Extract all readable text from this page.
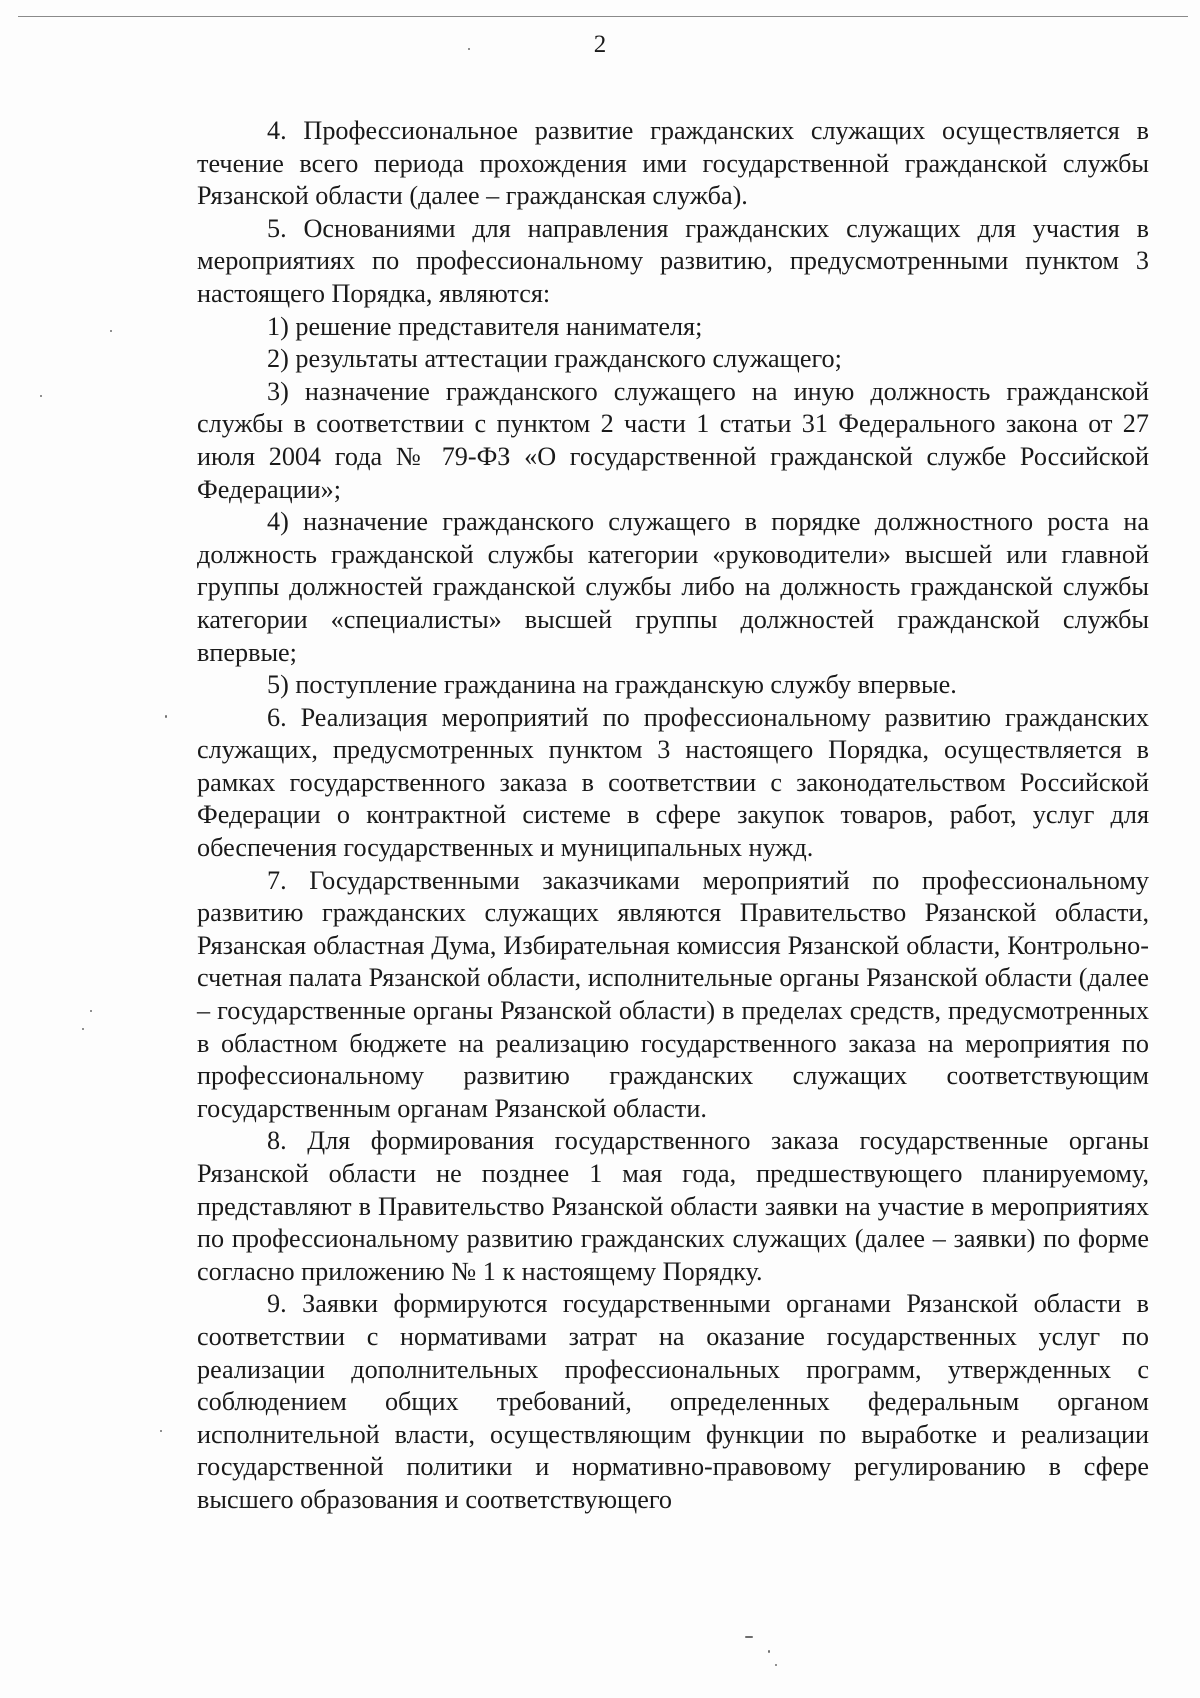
2

4. Профессиональное развитие гражданских служащих осуществляется в течение всего периода прохождения ими государственной гражданской службы Рязанской области (далее – гражданская служба).

5. Основаниями для направления гражданских служащих для участия в мероприятиях по профессиональному развитию, предусмотренными пунктом 3 настоящего Порядка, являются:

1) решение представителя нанимателя;

2) результаты аттестации гражданского служащего;

3) назначение гражданского служащего на иную должность гражданской службы в соответствии с пунктом 2 части 1 статьи 31 Федерального закона от 27 июля 2004 года № 79-ФЗ «О государственной гражданской службе Российской Федерации»;

4) назначение гражданского служащего в порядке должностного роста на должность гражданской службы категории «руководители» высшей или главной группы должностей гражданской службы либо на должность гражданской службы категории «специалисты» высшей группы должностей гражданской службы впервые;

5) поступление гражданина на гражданскую службу впервые.

6. Реализация мероприятий по профессиональному развитию гражданских служащих, предусмотренных пунктом 3 настоящего Порядка, осуществляется в рамках государственного заказа в соответствии с законодательством Российской Федерации о контрактной системе в сфере закупок товаров, работ, услуг для обеспечения государственных и муниципальных нужд.

7. Государственными заказчиками мероприятий по профессиональному развитию гражданских служащих являются Правительство Рязанской области, Рязанская областная Дума, Избирательная комиссия Рязанской области, Контрольно-счетная палата Рязанской области, исполнительные органы Рязанской области (далее – государственные органы Рязанской области) в пределах средств, предусмотренных в областном бюджете на реализацию государственного заказа на мероприятия по профессиональному развитию гражданских служащих соответствующим государственным органам Рязанской области.

8. Для формирования государственного заказа государственные органы Рязанской области не позднее 1 мая года, предшествующего планируемому, представляют в Правительство Рязанской области заявки на участие в мероприятиях по профессиональному развитию гражданских служащих (далее – заявки) по форме согласно приложению № 1 к настоящему Порядку.

9. Заявки формируются государственными органами Рязанской области в соответствии с нормативами затрат на оказание государственных услуг по реализации дополнительных профессиональных программ, утвержденных с соблюдением общих требований, определенных федеральным органом исполнительной власти, осуществляющим функции по выработке и реализации государственной политики и нормативно-правовому регулированию в сфере высшего образования и соответствующего
